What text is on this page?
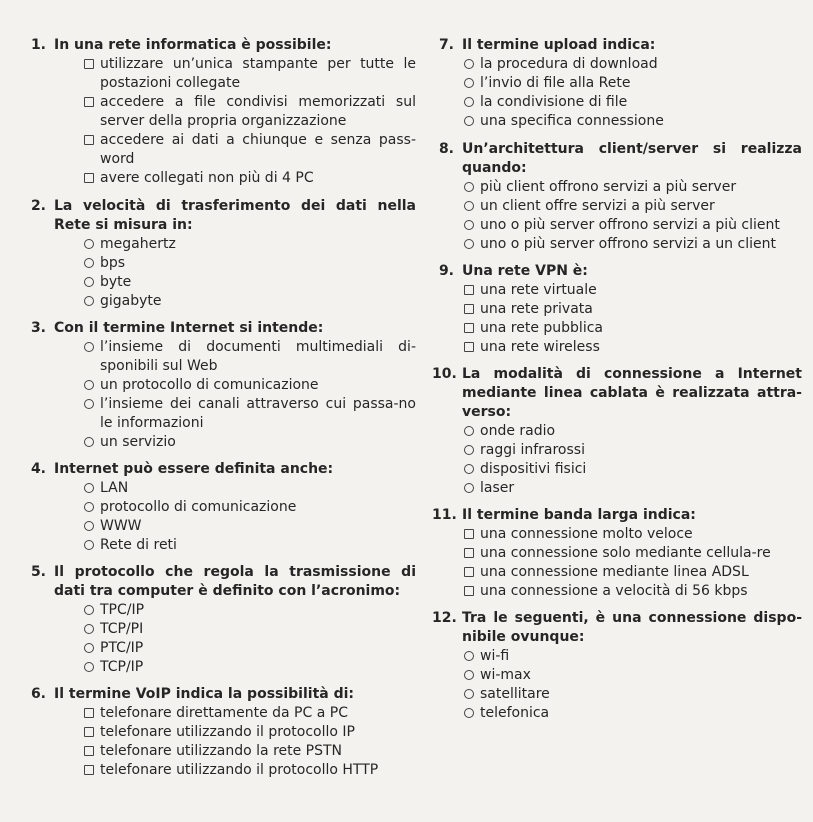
1. In una rete informatica è possibile:
utilizzare un’unica stampante per tutte le postazioni collegate
accedere a file condivisi memorizzati sul server della propria organizzazione
accedere ai dati a chiunque e senza pass-word
avere collegati non più di 4 PC
2. La velocità di trasferimento dei dati nella Rete si misura in:
megahertz
bps
byte
gigabyte
3. Con il termine Internet si intende:
l’insieme di documenti multimediali di-sponibili sul Web
un protocollo di comunicazione
l’insieme dei canali attraverso cui passa-no le informazioni
un servizio
4. Internet può essere definita anche:
LAN
protocollo di comunicazione
WWW
Rete di reti
5. Il protocollo che regola la trasmissione di dati tra computer è definito con l’acronimo:
TPC/IP
TCP/PI
PTC/IP
TCP/IP
6. Il termine VoIP indica la possibilità di:
telefonare direttamente da PC a PC
telefonare utilizzando il protocollo IP
telefonare utilizzando la rete PSTN
telefonare utilizzando il protocollo HTTP
7. Il termine upload indica:
la procedura di download
l’invio di file alla Rete
la condivisione di file
una specifica connessione
8. Un’architettura client/server si realizza quando:
più client offrono servizi a più server
un client offre servizi a più server
uno o più server offrono servizi a più client
uno o più server offrono servizi a un client
9. Una rete VPN è:
una rete virtuale
una rete privata
una rete pubblica
una rete wireless
10. La modalità di connessione a Internet mediante linea cablata è realizzata attra-verso:
onde radio
raggi infrarossi
dispositivi fisici
laser
11. Il termine banda larga indica:
una connessione molto veloce
una connessione solo mediante cellula-re
una connessione mediante linea ADSL
una connessione a velocità di 56 kbps
12. Tra le seguenti, è una connessione dispo-nibile ovunque:
wi-fi
wi-max
satellitare
telefonica
